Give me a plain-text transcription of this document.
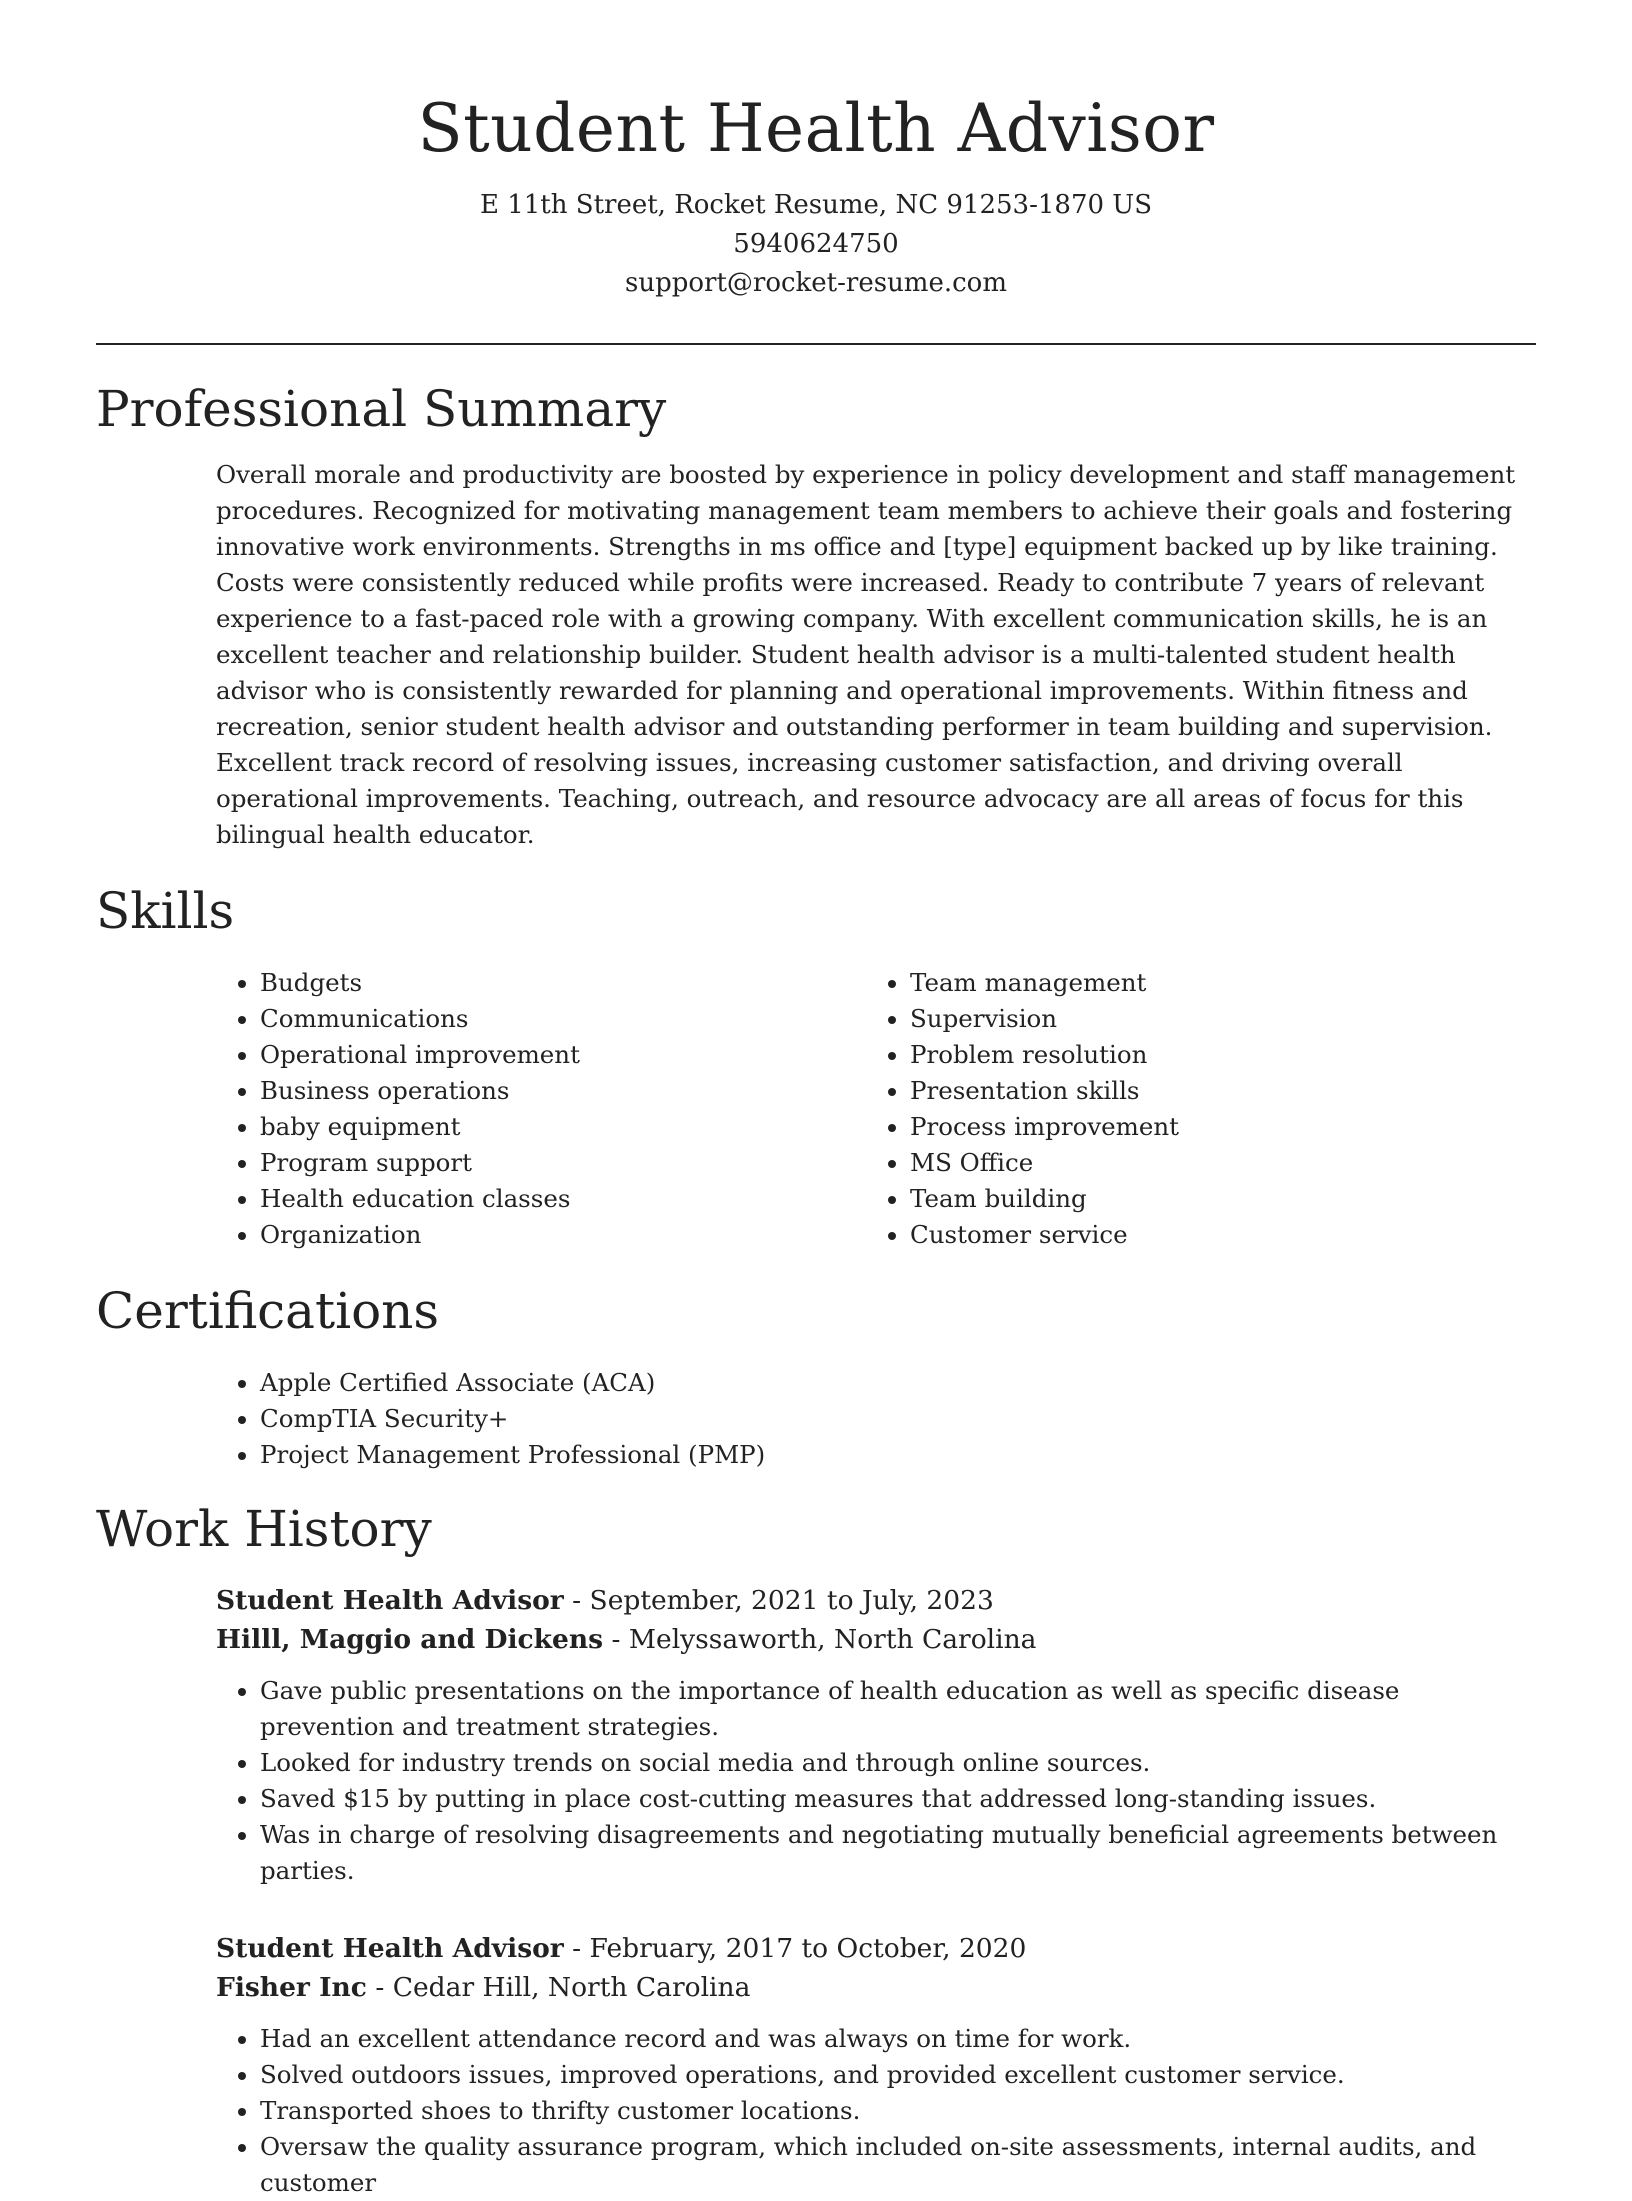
Student Health Advisor

E 11th Street, Rocket Resume, NC 91253-1870 US

5940624750

support@rocket-resume.com

Professional Summary

Overall morale and productivity are boosted by experience in policy development and staff management procedures. Recognized for motivating management team members to achieve their goals and fostering innovative work environments. Strengths in ms office and [type] equipment backed up by like training. Costs were consistently reduced while profits were increased. Ready to contribute 7 years of relevant experience to a fast-paced role with a growing company. With excellent communication skills, he is an excellent teacher and relationship builder. Student health advisor is a multi-talented student health advisor who is consistently rewarded for planning and operational improvements. Within fitness and recreation, senior student health advisor and outstanding performer in team building and supervision. Excellent track record of resolving issues, increasing customer satisfaction, and driving overall operational improvements. Teaching, outreach, and resource advocacy are all areas of focus for this bilingual health educator.

Skills
• Budgets
• Communications
• Operational improvement
• Business operations
• baby equipment
• Program support
• Health education classes
• Organization
• Team management
• Supervision
• Problem resolution
• Presentation skills
• Process improvement
• MS Office
• Team building
• Customer service
Certifications
• Apple Certified Associate (ACA)
• CompTIA Security+
• Project Management Professional (PMP)
Work History

Student Health Advisor - September, 2021 to July, 2023

Hilll, Maggio and Dickens - Melyssaworth, North Carolina

• Gave public presentations on the importance of health education as well as specific disease prevention and treatment strategies.
• Looked for industry trends on social media and through online sources.
• Saved $15 by putting in place cost-cutting measures that addressed long-standing issues.
• Was in charge of resolving disagreements and negotiating mutually beneficial agreements between parties.

Student Health Advisor - February, 2017 to October, 2020

Fisher Inc - Cedar Hill, North Carolina

• Had an excellent attendance record and was always on time for work.
• Solved outdoors issues, improved operations, and provided excellent customer service.
• Transported shoes to thrifty customer locations.
• Oversaw the quality assurance program, which included on-site assessments, internal audits, and customer
